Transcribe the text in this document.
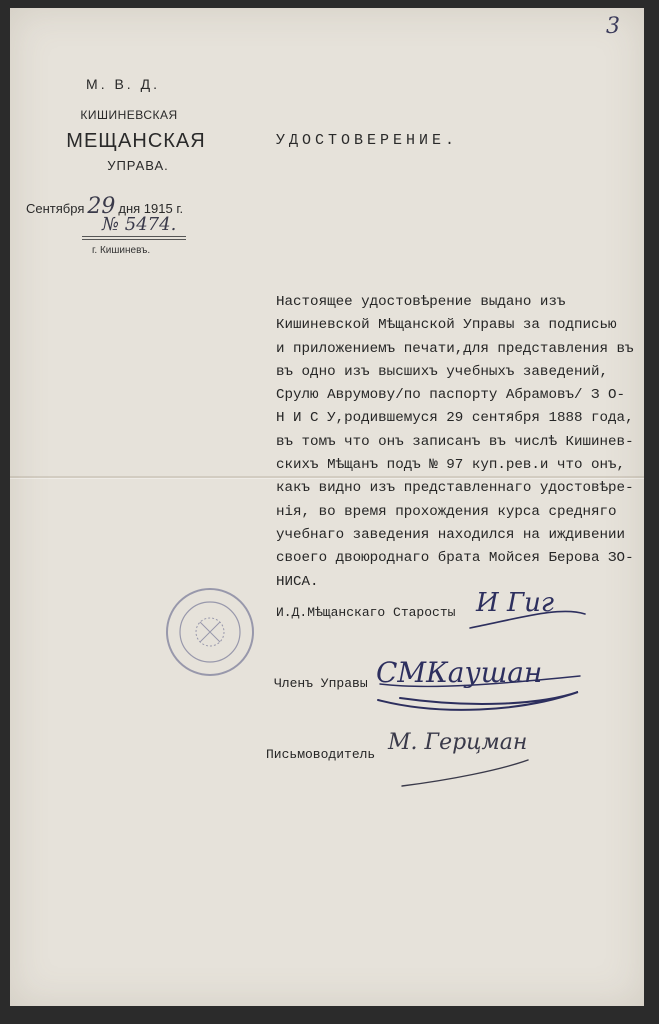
3
М. В. Д.
КИШИНЕВСКАЯ
МЕЩАНСКАЯ
УПРАВА.
Сентября 29 дня 1915 г.
№ 5474.
г. Кишиневъ.
УДОСТОВЕРЕНИЕ.
Настоящее удостовѣрение выдано изъ
Кишиневской Мѣщанской Управы за подписью
и приложениемъ печати,для представления въ
въ одно изъ высшихъ учебныхъ заведений,
Срулю Аврумову/по паспорту Абрамовъ/ З О-
Н И С У,родившемуся 29 сентября 1888 года,
въ томъ что онъ записанъ въ числѣ Кишинев-
скихъ Мѣщанъ подъ № 97 куп.рев.и что онъ,
какъ видно изъ представленнаго удостовѣре-
нiя, во время прохождения курса средняго
учебнаго заведения находился на иждивении
своего двоюроднаго брата Мойсея Берова ЗО-
НИСА.
И.Д.Мѣщанскаго Старосты
Членъ Управы
Письмоводитель
И Гиг
СМКаушан
М. Герцман
